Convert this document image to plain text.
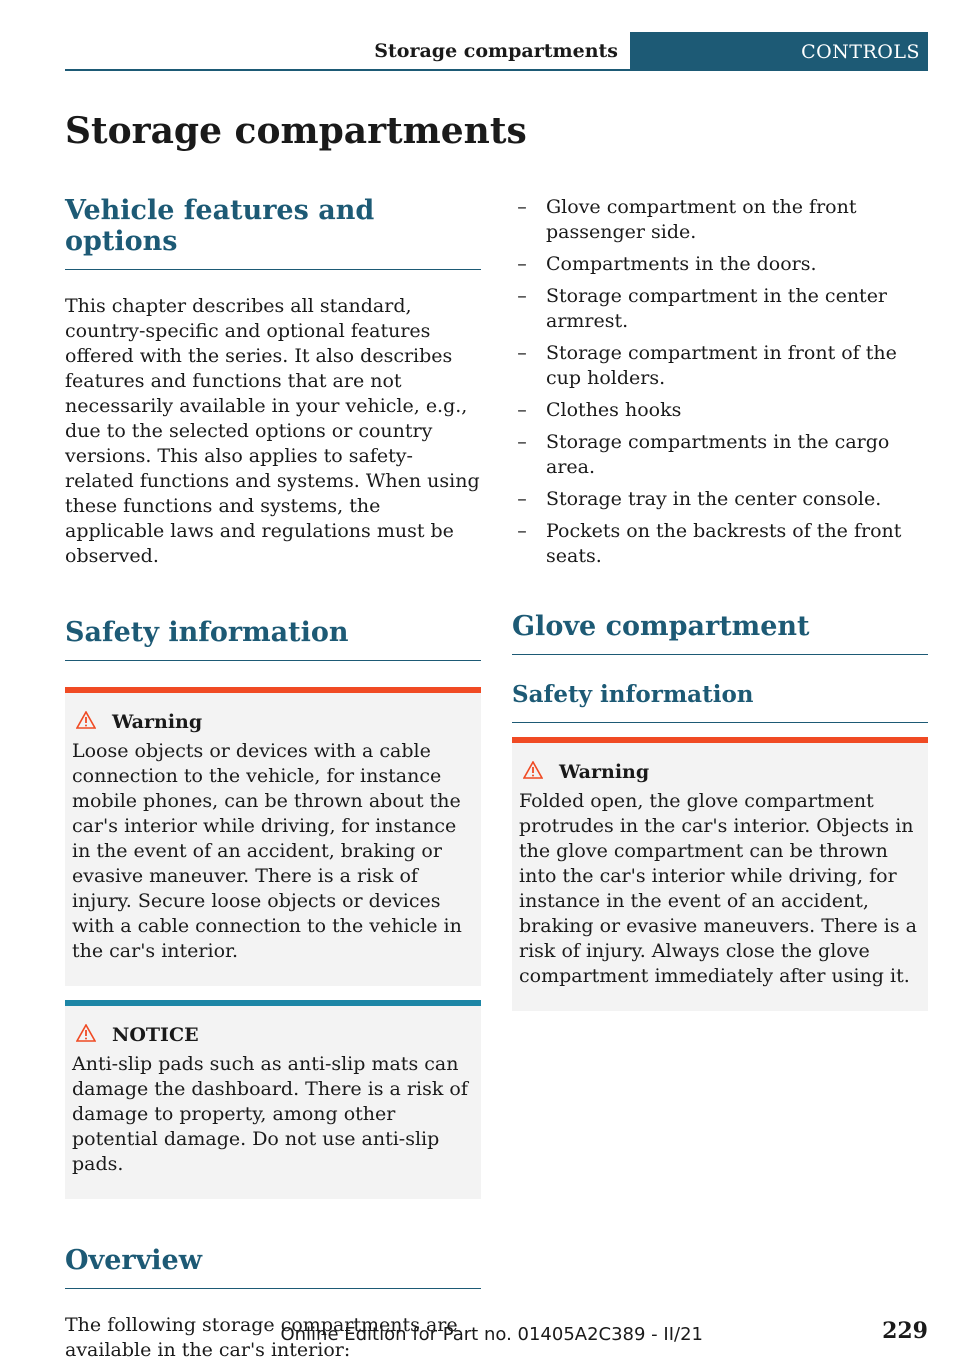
Storage compartments	CONTROLS
Storage compartments
Vehicle features and options

This chapter describes all standard, country-specific and optional features offered with the series. It also describes features and functions that are not necessarily available in your vehicle, e.g., due to the selected options or country versions. This also applies to safety-related functions and systems. When using these functions and systems, the applicable laws and regulations must be observed.

Safety information
Warning

Loose objects or devices with a cable connection to the vehicle, for instance mobile phones, can be thrown about the car's interior while driving, for instance in the event of an accident, braking or evasive maneuver. There is a risk of injury. Secure loose objects or devices with a cable connection to the vehicle in the car's interior.

NOTICE

Anti-slip pads such as anti-slip mats can damage the dashboard. There is a risk of damage to property, among other potential damage. Do not use anti-slip pads.

Overview

The following storage compartments are available in the car's interior:

– Glove compartment on the front passenger side.
– Compartments in the doors.
– Storage compartment in the center armrest.
– Storage compartment in front of the cup holders.
– Clothes hooks
– Storage compartments in the cargo area.
– Storage tray in the center console.
– Pockets on the backrests of the front seats.
Glove compartment
Safety information
Warning

Folded open, the glove compartment protrudes in the car's interior. Objects in the glove compartment can be thrown into the car's interior while driving, for instance in the event of an accident, braking or evasive maneuvers. There is a risk of injury. Always close the glove compartment immediately after using it.

Online Edition for Part no. 01405A2C389 - II/21	229
